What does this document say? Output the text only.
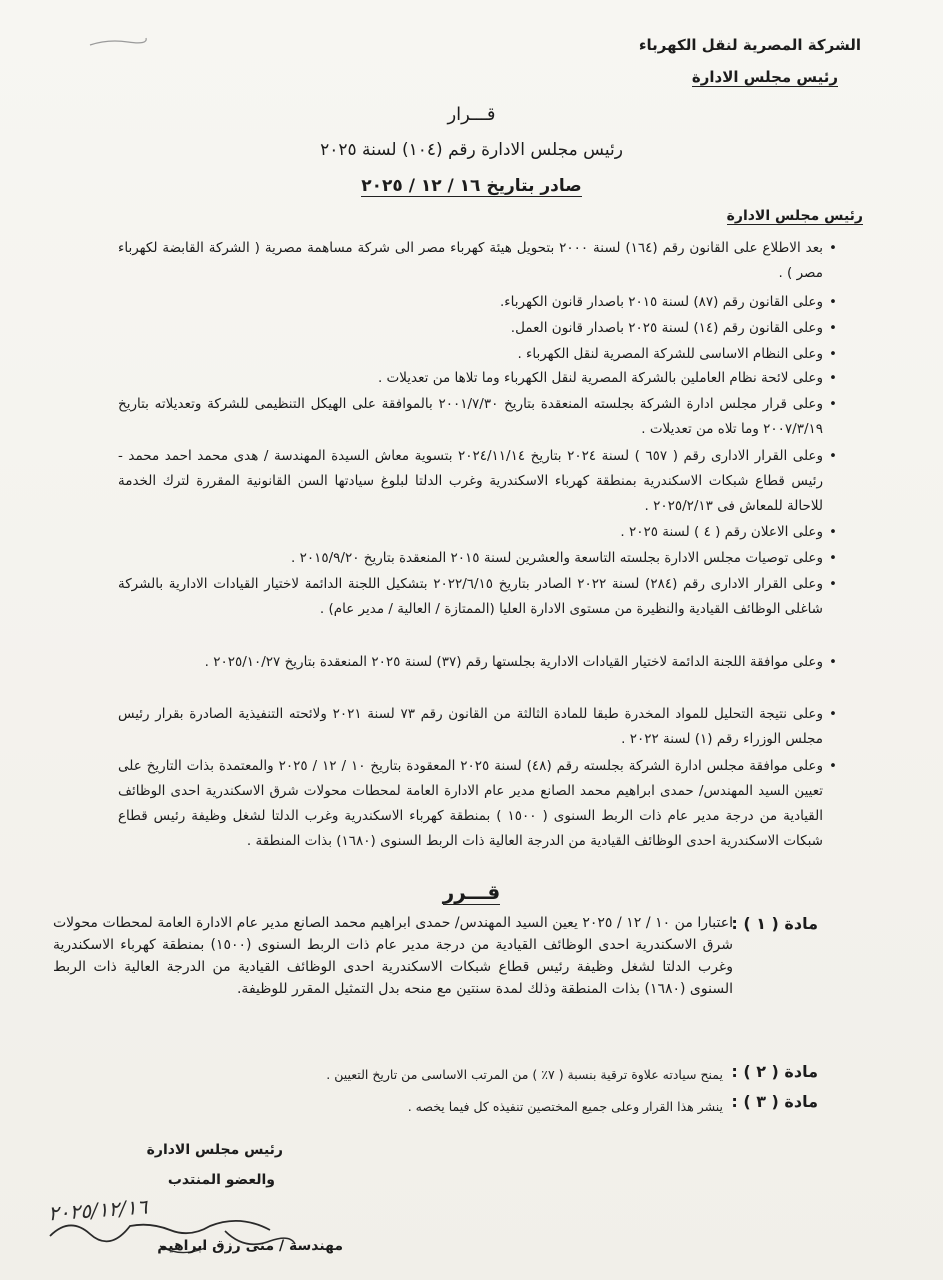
الشركة المصرية لنقل الكهرباء
رئيس مجلس الادارة
قـــرار
رئيس مجلس الادارة رقم (١٠٤) لسنة ٢٠٢٥
صادر بتاريخ ١٦ / ١٢ / ٢٠٢٥
رئيس مجلس الادارة
•
بعد الاطلاع على القانون رقم (١٦٤) لسنة ٢٠٠٠ بتحويل هيئة كهرباء مصر الى شركة مساهمة مصرية ( الشركة القابضة لكهرباء مصر ) .
•
وعلى القانون رقم (٨٧) لسنة ٢٠١٥ باصدار قانون الكهرباء.
•
وعلى القانون رقم (١٤) لسنة ٢٠٢٥ باصدار قانون العمل.
•
وعلى النظام الاساسى للشركة المصرية لنقل الكهرباء .
•
وعلى لائحة نظام العاملين بالشركة المصرية لنقل الكهرباء وما تلاها من تعديلات .
•
وعلى قرار مجلس ادارة الشركة بجلسته المنعقدة بتاريخ ٢٠٠١/٧/٣٠ بالموافقة على الهيكل التنظيمى للشركة وتعديلاته بتاريخ ٢٠٠٧/٣/١٩ وما تلاه من تعديلات .
•
وعلى القرار الادارى رقم ( ٦٥٧ ) لسنة ٢٠٢٤ بتاريخ ٢٠٢٤/١١/١٤ بتسوية معاش السيدة المهندسة / هدى محمد احمد محمد - رئيس قطاع شبكات الاسكندرية بمنطقة كهرباء الاسكندرية وغرب الدلتا لبلوغ سيادتها السن القانونية المقررة لترك الخدمة للاحالة للمعاش فى ٢٠٢٥/٢/١٣ .
•
وعلى الاعلان رقم ( ٤ ) لسنة ٢٠٢٥ .
•
وعلى توصيات مجلس الادارة بجلسته التاسعة والعشرين لسنة ٢٠١٥ المنعقدة بتاريخ ٢٠١٥/٩/٢٠ .
•
وعلى القرار الادارى رقم (٢٨٤) لسنة ٢٠٢٢ الصادر بتاريخ ٢٠٢٢/٦/١٥ بتشكيل اللجنة الدائمة لاختيار القيادات الادارية بالشركة شاغلى الوظائف القيادية والنظيرة من مستوى الادارة العليا (الممتازة / العالية / مدير عام) .
•
وعلى موافقة اللجنة الدائمة لاختيار القيادات الادارية بجلستها رقم (٣٧) لسنة ٢٠٢٥ المنعقدة بتاريخ ٢٠٢٥/١٠/٢٧ .
•
وعلى نتيجة التحليل للمواد المخدرة طبقا للمادة الثالثة من القانون رقم ٧٣ لسنة ٢٠٢١ ولائحته التنفيذية الصادرة بقرار رئيس مجلس الوزراء رقم (١) لسنة ٢٠٢٢ .
•
وعلى موافقة مجلس ادارة الشركة بجلسته رقم (٤٨) لسنة ٢٠٢٥ المعقودة بتاريخ ١٠ / ١٢ / ٢٠٢٥ والمعتمدة بذات التاريخ على تعيين السيد المهندس/ حمدى ابراهيم محمد الصانع مدير عام الادارة العامة لمحطات محولات شرق الاسكندرية احدى الوظائف القيادية من درجة مدير عام ذات الربط السنوى ( ١٥٠٠ ) بمنطقة كهرباء الاسكندرية وغرب الدلتا لشغل وظيفة رئيس قطاع شبكات الاسكندرية احدى الوظائف القيادية من الدرجة العالية ذات الربط السنوى (١٦٨٠) بذات المنطقة .
قـــرر
مادة ( ١ ) :
اعتبارا من ١٠ / ١٢ / ٢٠٢٥ يعين السيد المهندس/ حمدى ابراهيم محمد الصانع مدير عام الادارة العامة لمحطات محولات شرق الاسكندرية احدى الوظائف القيادية من درجة مدير عام ذات الربط السنوى (١٥٠٠) بمنطقة كهرباء الاسكندرية وغرب الدلتا لشغل وظيفة رئيس قطاع شبكات الاسكندرية احدى الوظائف القيادية من الدرجة العالية ذات الربط السنوى (١٦٨٠) بذات المنطقة وذلك لمدة سنتين مع منحه بدل التمثيل المقرر للوظيفة.
مادة ( ٢ ) :
يمنح سيادته علاوة ترقية بنسبة ( ٧٪ ) من المرتب الاساسى من تاريخ التعيين .
مادة ( ٣ ) :
ينشر هذا القرار وعلى جميع المختصين تنفيذه كل فيما يخصه .
رئيس مجلس الادارة
والعضو المنتدب
٢٠٢٥/١٢/١٦
مهندسة / منى رزق ابراهيم
